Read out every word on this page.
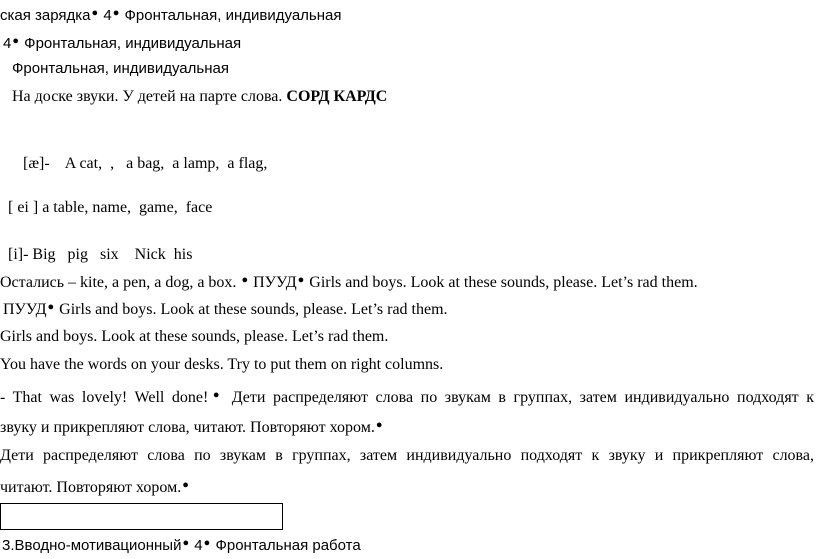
ская зарядка● 4● Фронтальная, индивидуальная
4● Фронтальная, индивидуальная
Фронтальная, индивидуальная
На доске звуки. У детей на парте слова. СОРД КАРДС

[æ]-    A cat,  ,   a bag,  a lamp,  a flag,

[ ei ] a table, name,  game,  face

[i]- Big   pig   six    Nick  his

Остались – kite, a pen, a dog, a box. ● ПУУД● Girls and boys. Look at these sounds, please. Let’s rad them.
ПУУД● Girls and boys. Look at these sounds, please. Let’s rad them.
Girls and boys. Look at these sounds, please. Let’s rad them.
You have the words on your desks. Try to put them on right columns.
- That was lovely! Well done!● Дети распределяют слова по звукам в группах, затем индивидуально подходят к
звуку и прикрепляют слова, читают. Повторяют хором.●
Дети распределяют слова по звукам в группах, затем индивидуально подходят к звуку и прикрепляют слова,
читают. Повторяют хором.●
3.Вводно-мотивационный● 4● Фронтальная работа
